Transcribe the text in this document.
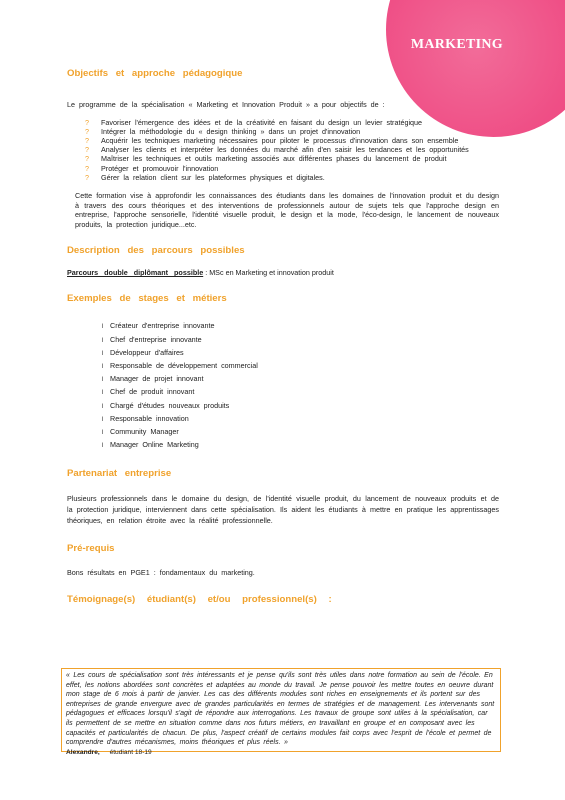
MARKETING
Objectifs et approche pédagogique

Le programme de la spécialisation « Marketing et Innovation Produit » a pour objectifs de :

? Favoriser l'émergence des idées et de la créativité en faisant du design un levier stratégique
? Intégrer la méthodologie du « design thinking » dans un projet d'innovation
? Acquérir les techniques marketing nécessaires pour piloter le processus d'innovation dans son ensemble
? Analyser les clients et interpréter les données du marché afin d'en saisir les tendances et les opportunités
? Maîtriser les techniques et outils marketing associés aux différentes phases du lancement de produit
? Protéger et promouvoir l'innovation
? Gérer la relation client sur les plateformes physiques et digitales.

Cette formation vise à approfondir les connaissances des étudiants dans les domaines de l'innovation produit et du design à travers des cours théoriques et des interventions de professionnels autour de sujets tels que l'approche design en entreprise, l'approche sensorielle, l'identité visuelle produit, le design et la mode, l'éco-design, le lancement de nouveaux produits, la protection juridique...etc.

Description des parcours possibles

Parcours double diplômant possible : MSc en Marketing et innovation produit

Exemples de stages et métiers
l Créateur d'entreprise innovante
l Chef d'entreprise innovante
l Développeur d'affaires
l Responsable de développement commercial
l Manager de projet innovant
l Chef de produit innovant
l Chargé d'études nouveaux produits
l Responsable innovation
l Community Manager
l Manager Online Marketing
Partenariat entreprise

Plusieurs professionnels dans le domaine du design, de l'identité visuelle produit, du lancement de nouveaux produits et de la protection juridique, interviennent dans cette spécialisation. Ils aident les étudiants à mettre en pratique les apprentissages théoriques, en relation étroite avec la réalité professionnelle.

Pré-requis

Bons résultats en PGE1 : fondamentaux du marketing.

Témoignage(s) étudiant(s) et/ou professionnel(s) :

« Les cours de spécialisation sont très intéressants et je pense qu'ils sont très utiles dans notre formation au sein de l'école. En effet, les notions abordées sont concrètes et adaptées au monde du travail. Je pense pouvoir les mettre toutes en oeuvre durant mon stage de 6 mois à partir de janvier. Les cas des différents modules sont riches en enseignements et ils portent sur des entreprises de grande envergure avec de grandes particularités en termes de stratégies et de management. Les intervenants sont pédagogues et efficaces lorsqu'il s'agit de répondre aux interrogations. Les travaux de groupe sont utiles à la spécialisation, car ils permettent de se mettre en situation comme dans nos futurs métiers, en travaillant en groupe et en composant avec les capacités et particularités de chacun. De plus, l'aspect créatif de certains modules fait corps avec l'esprit de l'école et permet de comprendre d'autres mécanismes, moins théoriques et plus réels. »

Alexandre, étudiant 18-19
